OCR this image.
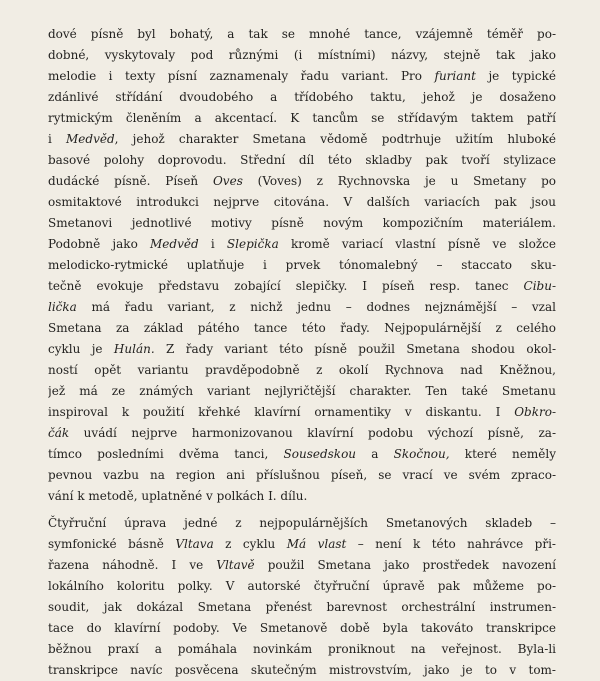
dové písně byl bohatý, a tak se mnohé tance, vzájemně téměř po-
dobné, vyskytovaly pod různými (i místními) názvy, stejně tak jako
melodie i texty písní zaznamenaly řadu variant. Pro furiant je typické
zdánlivé střídání dvoudobého a třídobého taktu, jehož je dosaženo
rytmickým členěním a akcentací. K tancům se střídavým taktem patří
i Medvěd, jehož charakter Smetana vědomě podtrhuje užitím hluboké
basové polohy doprovodu. Střední díl této skladby pak tvoří stylizace
dudácké písně. Píseň Oves (Voves) z Rychnovska je u Smetany po
osmitaktové introdukci nejprve citována. V dalších variacích pak jsou
Smetanovi jednotlivé motivy písně novým kompozičním materiálem.
Podobně jako Medvěd i Slepička kromě variací vlastní písně ve složce
melodicko-rytmické uplatňuje i prvek tónomalebný – staccato sku-
tečně evokuje představu zobající slepičky. I píseň resp. tanec Cibu-
lička má řadu variant, z nichž jednu – dodnes nejznámější – vzal
Smetana za základ pátého tance této řady. Nejpopulárnější z celého
cyklu je Hulán. Z řady variant této písně použil Smetana shodou okol-
ností opět variantu pravděpodobně z okolí Rychnova nad Kněžnou,
jež má ze známých variant nejlyričtější charakter. Ten také Smetanu
inspiroval k použití křehké klavírní ornamentiky v diskantu. I Obkro-
čák uvádí nejprve harmonizovanou klavírní podobu výchozí písně, za-
tímco posledními dvěma tanci, Sousedskou a Skočnou, které neměly
pevnou vazbu na region ani příslušnou píseň, se vrací ve svém zpraco-
vání k metodě, uplatněné v polkách I. dílu.
Čtyřruční úprava jedné z nejpopulárnějších Smetanových skladeb –
symfonické básně Vltava z cyklu Má vlast – není k této nahrávce při-
řazena náhodně. I ve Vltavě použil Smetana jako prostředek navození
lokálního koloritu polky. V autorské čtyřruční úpravě pak můžeme po-
soudit, jak dokázal Smetana přenést barevnost orchestrální instrumen-
tace do klavírní podoby. Ve Smetanově době byla takováto transkripce
běžnou praxí a pomáhala novinkám proniknout na veřejnost. Byla-li
transkripce navíc posvěcena skutečným mistrovstvím, jako je to v tom-
